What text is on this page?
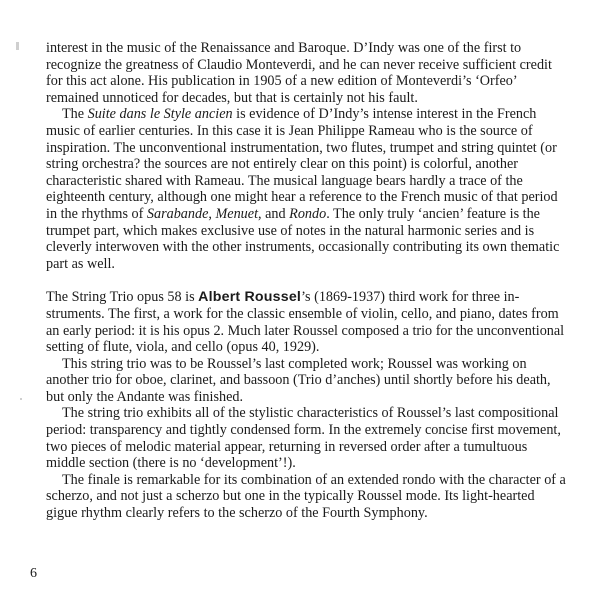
interest in the music of the Renaissance and Baroque. D’Indy was one of the first to recognize the greatness of Claudio Monteverdi, and he can never receive sufficient credit for this act alone. His publication in 1905 of a new edition of Monteverdi’s ‘Orfeo’ remained unnoticed for decades, but that is certainly not his fault.

The Suite dans le Style ancien is evidence of D’Indy’s intense interest in the French music of earlier centuries. In this case it is Jean Philippe Rameau who is the source of inspiration. The unconventional instrumentation, two flutes, trumpet and string quintet (or string orchestra? the sources are not entirely clear on this point) is colorful, another characteristic shared with Rameau. The musical language bears hardly a trace of the eighteenth century, although one might hear a reference to the French music of that period in the rhythms of Sarabande, Menuet, and Rondo. The only truly ‘ancien’ feature is the trumpet part, which makes exclusive use of notes in the natural harmonic series and is cleverly interwoven with the other instruments, occasionally contributing its own thematic part as well.

The String Trio opus 58 is Albert Roussel’s (1869-1937) third work for three in-struments. The first, a work for the classic ensemble of violin, cello, and piano, dates from an early period: it is his opus 2. Much later Roussel composed a trio for the unconventional setting of flute, viola, and cello (opus 40, 1929).

This string trio was to be Roussel’s last completed work; Roussel was working on another trio for oboe, clarinet, and bassoon (Trio d’anches) until shortly before his death, but only the Andante was finished.

The string trio exhibits all of the stylistic characteristics of Roussel’s last compositional period: transparency and tightly condensed form. In the extremely concise first movement, two pieces of melodic material appear, returning in reversed order after a tumultuous middle section (there is no ‘development’!).

The finale is remarkable for its combination of an extended rondo with the character of a scherzo, and not just a scherzo but one in the typically Roussel mode. Its light-hearted gigue rhythm clearly refers to the scherzo of the Fourth Symphony.

6
